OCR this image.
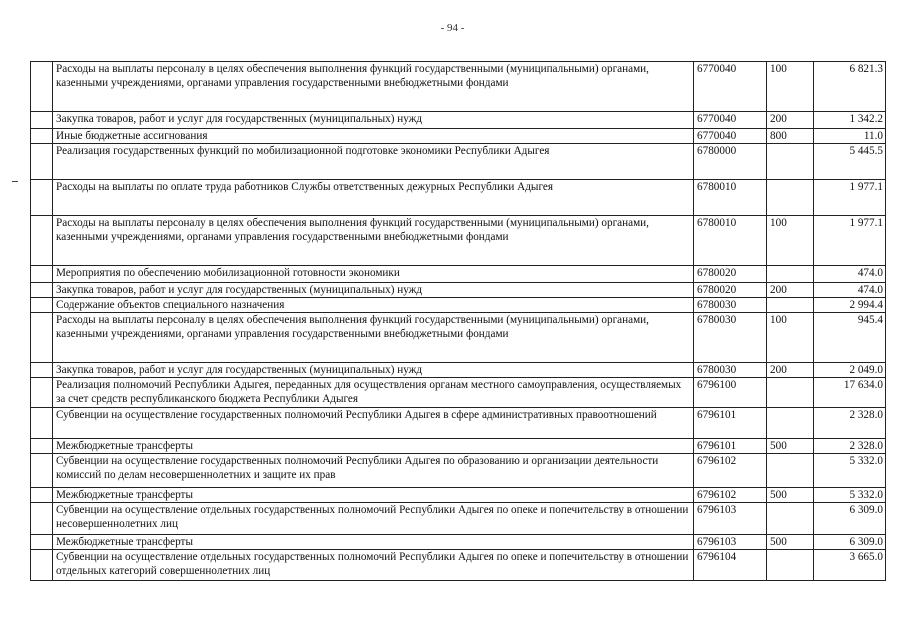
- 94 -
	Расходы на выплаты персоналу в целях обеспечения выполнения функций государственными (муниципальными) органами, казенными учреждениями, органами управления государственными внебюджетными фондами	6770040	100	6 821.3
	Закупка товаров, работ и услуг для государственных (муниципальных) нужд	6770040	200	1 342.2
	Иные бюджетные ассигнования	6770040	800	11.0
	Реализация государственных функций по мобилизационной подготовке экономики Республики Адыгея	6780000		5 445.5
	Расходы на выплаты по оплате труда работников Службы ответственных дежурных Республики Адыгея	6780010		1 977.1
	Расходы на выплаты персоналу в целях обеспечения выполнения функций государственными (муниципальными) органами, казенными учреждениями, органами управления государственными внебюджетными фондами	6780010	100	1 977.1
	Мероприятия по обеспечению мобилизационной готовности экономики	6780020		474.0
	Закупка товаров, работ и услуг для государственных (муниципальных) нужд	6780020	200	474.0
	Содержание объектов специального назначения	6780030		2 994.4
	Расходы на выплаты персоналу в целях обеспечения выполнения функций государственными (муниципальными) органами, казенными учреждениями, органами управления государственными внебюджетными фондами	6780030	100	945.4
	Закупка товаров, работ и услуг для государственных (муниципальных) нужд	6780030	200	2 049.0
	Реализация полномочий Республики Адыгея, переданных для осуществления органам местного самоуправления, осуществляемых за счет средств республиканского бюджета Республики Адыгея	6796100		17 634.0
	Субвенции на осуществление государственных полномочий Республики Адыгея в сфере административных правоотношений	6796101		2 328.0
	Межбюджетные трансферты	6796101	500	2 328.0
	Субвенции на осуществление государственных полномочий Республики Адыгея по образованию и организации деятельности комиссий по делам несовершеннолетних и защите их прав	6796102		5 332.0
	Межбюджетные трансферты	6796102	500	5 332.0
	Субвенции на осуществление отдельных государственных полномочий Республики Адыгея по опеке и попечительству в отношении несовершеннолетних лиц	6796103		6 309.0
	Межбюджетные трансферты	6796103	500	6 309.0
	Субвенции на осуществление отдельных государственных полномочий Республики Адыгея по опеке и попечительству в отношении отдельных категорий совершеннолетних лиц	6796104		3 665.0
